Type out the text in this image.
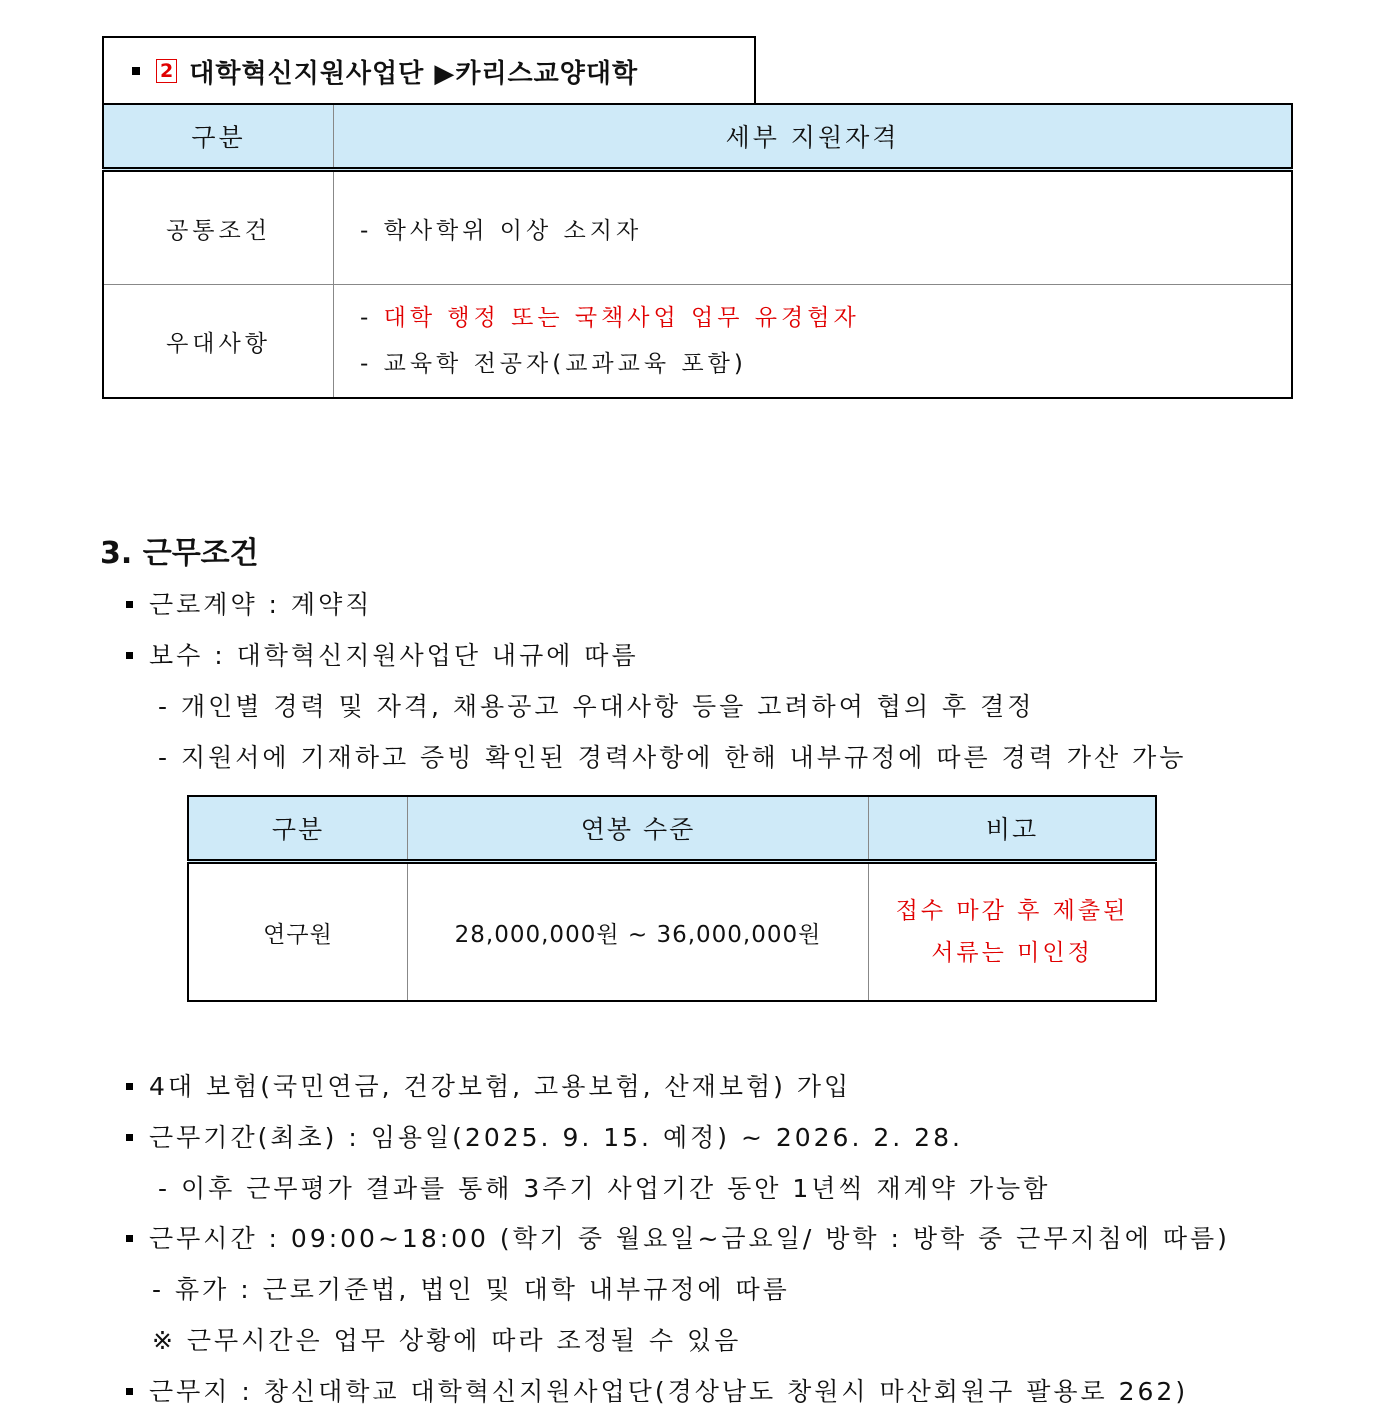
2 대학혁신지원사업단 ▶카리스교양대학
구분	세부 지원자격
공통조건	- 학사학위 이상 소지자
우대사항	- 대학 행정 또는 국책사업 업무 유경험자
- 교육학 전공자(교과교육 포함)
3. 근무조건
근로계약 : 계약직
보수 : 대학혁신지원사업단 내규에 따름
- 개인별 경력 및 자격, 채용공고 우대사항 등을 고려하여 협의 후 결정
- 지원서에 기재하고 증빙 확인된 경력사항에 한해 내부규정에 따른 경력 가산 가능
구분	연봉 수준	비고
연구원	28,000,000원 ~ 36,000,000원	접수 마감 후 제출된
서류는 미인정
4대 보험(국민연금, 건강보험, 고용보험, 산재보험) 가입
근무기간(최초) : 임용일(2025. 9. 15. 예정) ~ 2026. 2. 28.
- 이후 근무평가 결과를 통해 3주기 사업기간 동안 1년씩 재계약 가능함
근무시간 : 09:00~18:00 (학기 중 월요일~금요일/ 방학 : 방학 중 근무지침에 따름)
- 휴가 : 근로기준법, 법인 및 대학 내부규정에 따름
※ 근무시간은 업무 상황에 따라 조정될 수 있음
근무지 : 창신대학교 대학혁신지원사업단(경상남도 창원시 마산회원구 팔용로 262)
